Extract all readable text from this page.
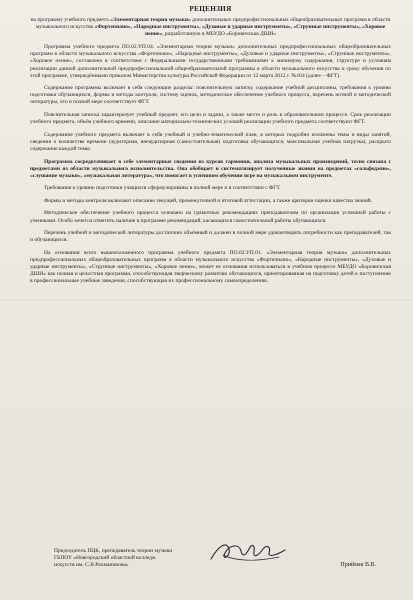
РЕЦЕНЗИЯ
на программу учебного предмета «Элементарная теория музыки» дополнительных предпрофессиональных общеобразовательных программ в области музыкального искусства «Фортепиано», «Народные инструменты», «Духовые и ударные инструменты», «Струнные инструменты», «Хоровое пение», разработанную в МБУДО «Боровичская ДШИ»

Программа учебного предмета ПО.02.УП.04. «Элементарная теория музыки» дополнительных предпрофессиональных общеобразовательных программ в области музыкального искусства «Фортепиано», «Народные инструменты», «Духовые и ударные инструменты», «Струнные инструменты», «Хоровое пение», составлена в соответствии с Федеральными государственными требованиями к минимуму содержания, структуре и условиям реализации данной дополнительной предпрофессиональной общеобразовательной программы в области музыкального искусства и сроку обучения по этой программе, утверждёнными приказом Министерства культуры Российской Федерации от 12 марта 2012 г. №164 (далее – ФГТ).

Содержание программы включает в себя следующие разделы: пояснительную записку, содержание учебной дисциплины, требования к уровню подготовки обучающихся, формы и методы контроля, систему оценок, методическое обеспечение учебного процесса, перечень нотной и методической литературы, что в полной мере соответствует ФГТ.

Пояснительная записка характеризует учебный предмет, его цели и задачи, а также место и роль в образовательном процессе. Срок реализации учебного предмета, объём учебного времени, описание материально-технических условий реализации учебного предмета соответствуют ФГТ.

Содержание учебного предмета включает в себя учебный и учебно-тематический план, в которых подробно изложены темы и виды занятий, сведения о количестве времени (аудиторная, внеаудиторная (самостоятельная) подготовка обучающихся, максимальная учебная нагрузка), раскрыто содержание каждой темы.

Программа сосредотачивает в себе элементарные сведения из курсов гармонии, анализа музыкальных произведений, тесно связана с предметами из области музыкального исполнительства. Она обобщает и систематизирует полученные знания на предметах «сольфеджио», «слушание музыки», «музыкальная литература», что помогает в успешном обучении игре на музыкальном инструменте.

Требования к уровню подготовки учащихся сформулированы в полной мере и в соответствии с ФГТ.

Формы и методы контроля включают описание текущей, промежуточной и итоговой аттестации, а также критерии оценки качества знаний.

Методическое обеспечение учебного процесса основано на грамотных рекомендациях преподавателям по организации успешной работы с учениками. Особо хочется отметить наличие в программе рекомендаций, касающихся самостоятельной работы обучающихся.

Перечень учебной и методической литературы достаточно объёмный и должен в полной мере удовлетворять потребности как преподавателей, так и обучающихся.

На основании всего вышеизложенного программа учебного предмета ПО.02.УП.01. «Элементарная теория музыки» дополнительных предпрофессиональных общеобразовательных программ в области музыкального искусства «Фортепиано», «Народные инструменты», «Духовые и ударные инструменты», «Струнные инструменты», «Хоровое пение», может ее основания использоваться в учебном процессе МБУДО «Боровичская ДШИ» как полная и целостная программа, способствующая творческому развитию обучающихся, ориентированная на подготовку детей к поступлению в профессиональные учебные заведения, способствующая их профессиональному самоопределению.

Председатель ПЦК, преподаватель теории музыки
ГБПОУ «Новгородский областной колледж
искусств им. С.В.Рахманинова»	Приймак В.В.
